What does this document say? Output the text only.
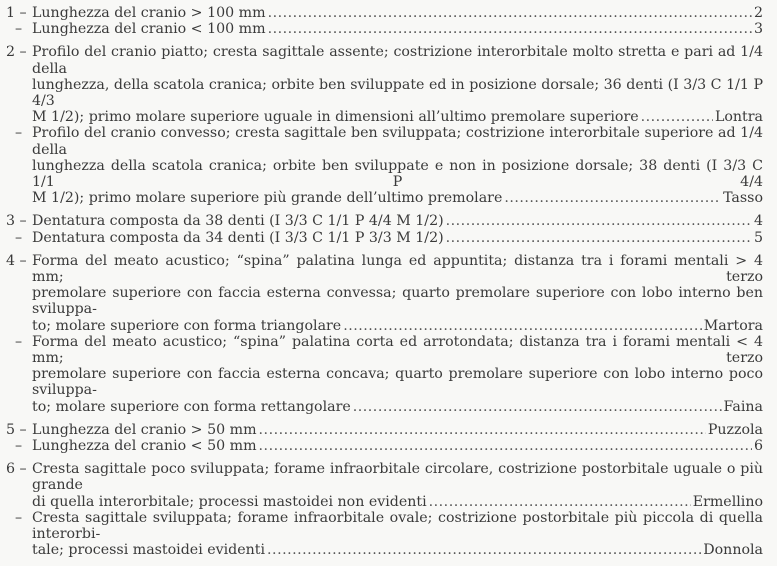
1 – Lunghezza del cranio > 100 mm .....	2
– Lunghezza del cranio < 100 mm .....	3
2 – Profilo del cranio piatto; cresta sagittale assente; costrizione interorbitale molto stretta e pari ad 1/4 della
lunghezza, della scatola cranica; orbite ben sviluppate ed in posizione dorsale; 36 denti (I 3/3 C 1/1 P 4/3
M 1/2); primo molare superiore uguale in dimensioni all’ultimo premolare superiore .....	Lontra
– Profilo del cranio convesso; cresta sagittale ben sviluppata; costrizione interorbitale superiore ad 1/4 della
lunghezza della scatola cranica; orbite ben sviluppate e non in posizione dorsale; 38 denti (I 3/3 C 1/1 P 4/4
M 1/2); primo molare superiore più grande dell’ultimo premolare .....	Tasso
3 – Dentatura composta da 38 denti (I 3/3 C 1/1 P 4/4 M 1/2) .....	4
– Dentatura composta da 34 denti (I 3/3 C 1/1 P 3/3 M 1/2) .....	5
4 – Forma del meato acustico; “spina” palatina lunga ed appuntita; distanza tra i forami mentali > 4 mm; terzo
premolare superiore con faccia esterna convessa; quarto premolare superiore con lobo interno ben sviluppa-
to; molare superiore con forma triangolare .....	Martora
– Forma del meato acustico; “spina” palatina corta ed arrotondata; distanza tra i forami mentali < 4 mm; terzo
premolare superiore con faccia esterna concava; quarto premolare superiore con lobo interno poco sviluppa-
to; molare superiore con forma rettangolare .....	Faina
5 – Lunghezza del cranio > 50 mm .....	Puzzola
– Lunghezza del cranio < 50 mm .....	6
6 – Cresta sagittale poco sviluppata; forame infraorbitale circolare, costrizione postorbitale uguale o più grande
di quella interorbitale; processi mastoidei non evidenti .....	Ermellino
– Cresta sagittale sviluppata; forame infraorbitale ovale; costrizione postorbitale più piccola di quella interorbi-
tale; processi mastoidei evidenti .....	Donnola
